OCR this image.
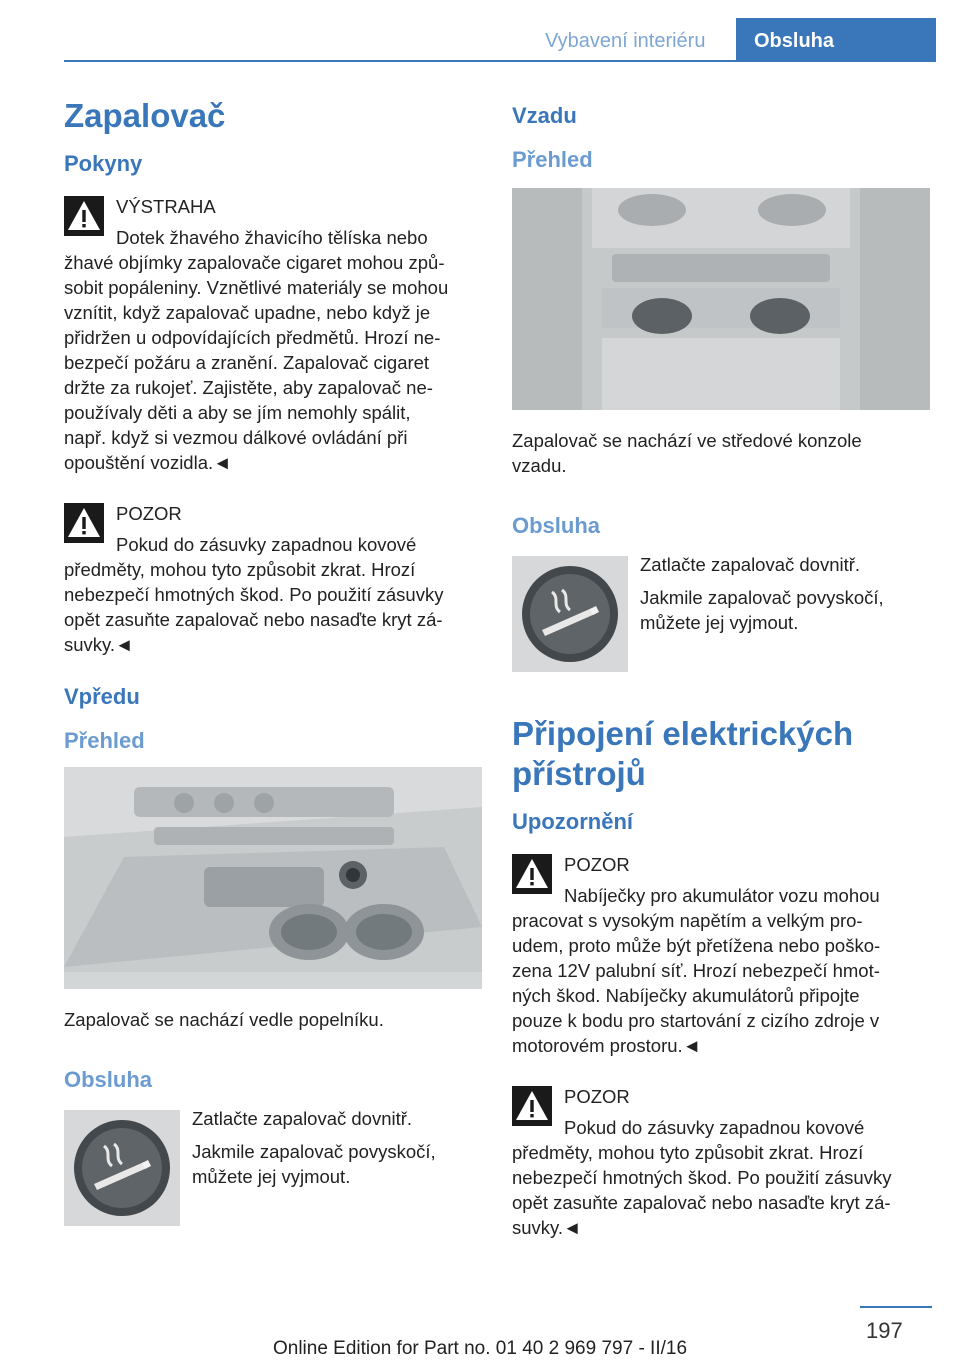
Vybavení interiéru	Obsluha
Zapalovač
Pokyny
VÝSTRAHA

Dotek žhavého žhavicího tělíska nebo

žhavé objímky zapalovače cigaret mohou způ-

sobit popáleniny. Vznětlivé materiály se mohou

vznítit, když zapalovač upadne, nebo když je

přidržen u odpovídajících předmětů. Hrozí ne-

bezpečí požáru a zranění. Zapalovač cigaret

držte za rukojeť. Zajistěte, aby zapalovač ne-

používaly děti a aby se jím nemohly spálit,

např. když si vezmou dálkové ovládání při

opouštění vozidla.◄

POZOR

Pokud do zásuvky zapadnou kovové

předměty, mohou tyto způsobit zkrat. Hrozí

nebezpečí hmotných škod. Po použití zásuvky

opět zasuňte zapalovač nebo nasaďte kryt zá-

suvky.◄

Vpředu
Přehled

Zapalovač se nachází vedle popelníku.

Obsluha

Zatlačte zapalovač dovnitř.

Jakmile zapalovač povyskočí, můžete jej vyjmout.

Vzadu
Přehled

Zapalovač se nachází ve středové konzole

vzadu.

Obsluha

Zatlačte zapalovač dovnitř.

Jakmile zapalovač povyskočí, můžete jej vyjmout.

Připojení elektrických
přístrojů
Upozornění
POZOR

Nabíječky pro akumulátor vozu mohou

pracovat s vysokým napětím a velkým pro-

udem, proto může být přetížena nebo poško-

zena 12V palubní síť. Hrozí nebezpečí hmot-

ných škod. Nabíječky akumulátorů připojte

pouze k bodu pro startování z cizího zdroje v

motorovém prostoru.◄

POZOR

Pokud do zásuvky zapadnou kovové

předměty, mohou tyto způsobit zkrat. Hrozí

nebezpečí hmotných škod. Po použití zásuvky

opět zasuňte zapalovač nebo nasaďte kryt zá-

suvky.◄

197
Online Edition for Part no. 01 40 2 969 797 - II/16
